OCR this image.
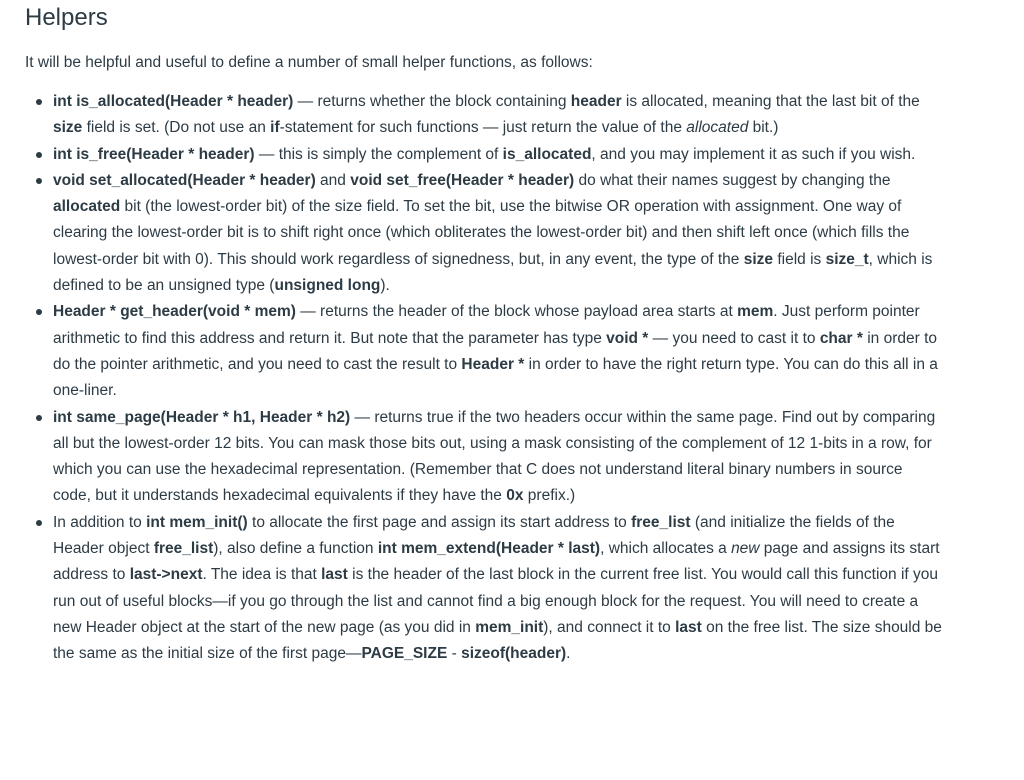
Helpers

It will be helpful and useful to define a number of small helper functions, as follows:

int is_allocated(Header * header) — returns whether the block containing header is allocated, meaning that the last bit of the size field is set. (Do not use an if-statement for such functions — just return the value of the allocated bit.)
int is_free(Header * header) — this is simply the complement of is_allocated, and you may implement it as such if you wish.
void set_allocated(Header * header) and void set_free(Header * header) do what their names suggest by changing the allocated bit (the lowest-order bit) of the size field. To set the bit, use the bitwise OR operation with assignment. One way of clearing the lowest-order bit is to shift right once (which obliterates the lowest-order bit) and then shift left once (which fills the lowest-order bit with 0). This should work regardless of signedness, but, in any event, the type of the size field is size_t, which is defined to be an unsigned type (unsigned long).
Header * get_header(void * mem) — returns the header of the block whose payload area starts at mem. Just perform pointer arithmetic to find this address and return it. But note that the parameter has type void * — you need to cast it to char * in order to do the pointer arithmetic, and you need to cast the result to Header * in order to have the right return type. You can do this all in a one-liner.
int same_page(Header * h1, Header * h2) — returns true if the two headers occur within the same page. Find out by comparing all but the lowest-order 12 bits. You can mask those bits out, using a mask consisting of the complement of 12 1-bits in a row, for which you can use the hexadecimal representation. (Remember that C does not understand literal binary numbers in source code, but it understands hexadecimal equivalents if they have the 0x prefix.)
In addition to int mem_init() to allocate the first page and assign its start address to free_list (and initialize the fields of the Header object free_list), also define a function int mem_extend(Header * last), which allocates a new page and assigns its start address to last->next. The idea is that last is the header of the last block in the current free list. You would call this function if you run out of useful blocks—if you go through the list and cannot find a big enough block for the request. You will need to create a new Header object at the start of the new page (as you did in mem_init), and connect it to last on the free list. The size should be the same as the initial size of the first page—PAGE_SIZE - sizeof(header).
